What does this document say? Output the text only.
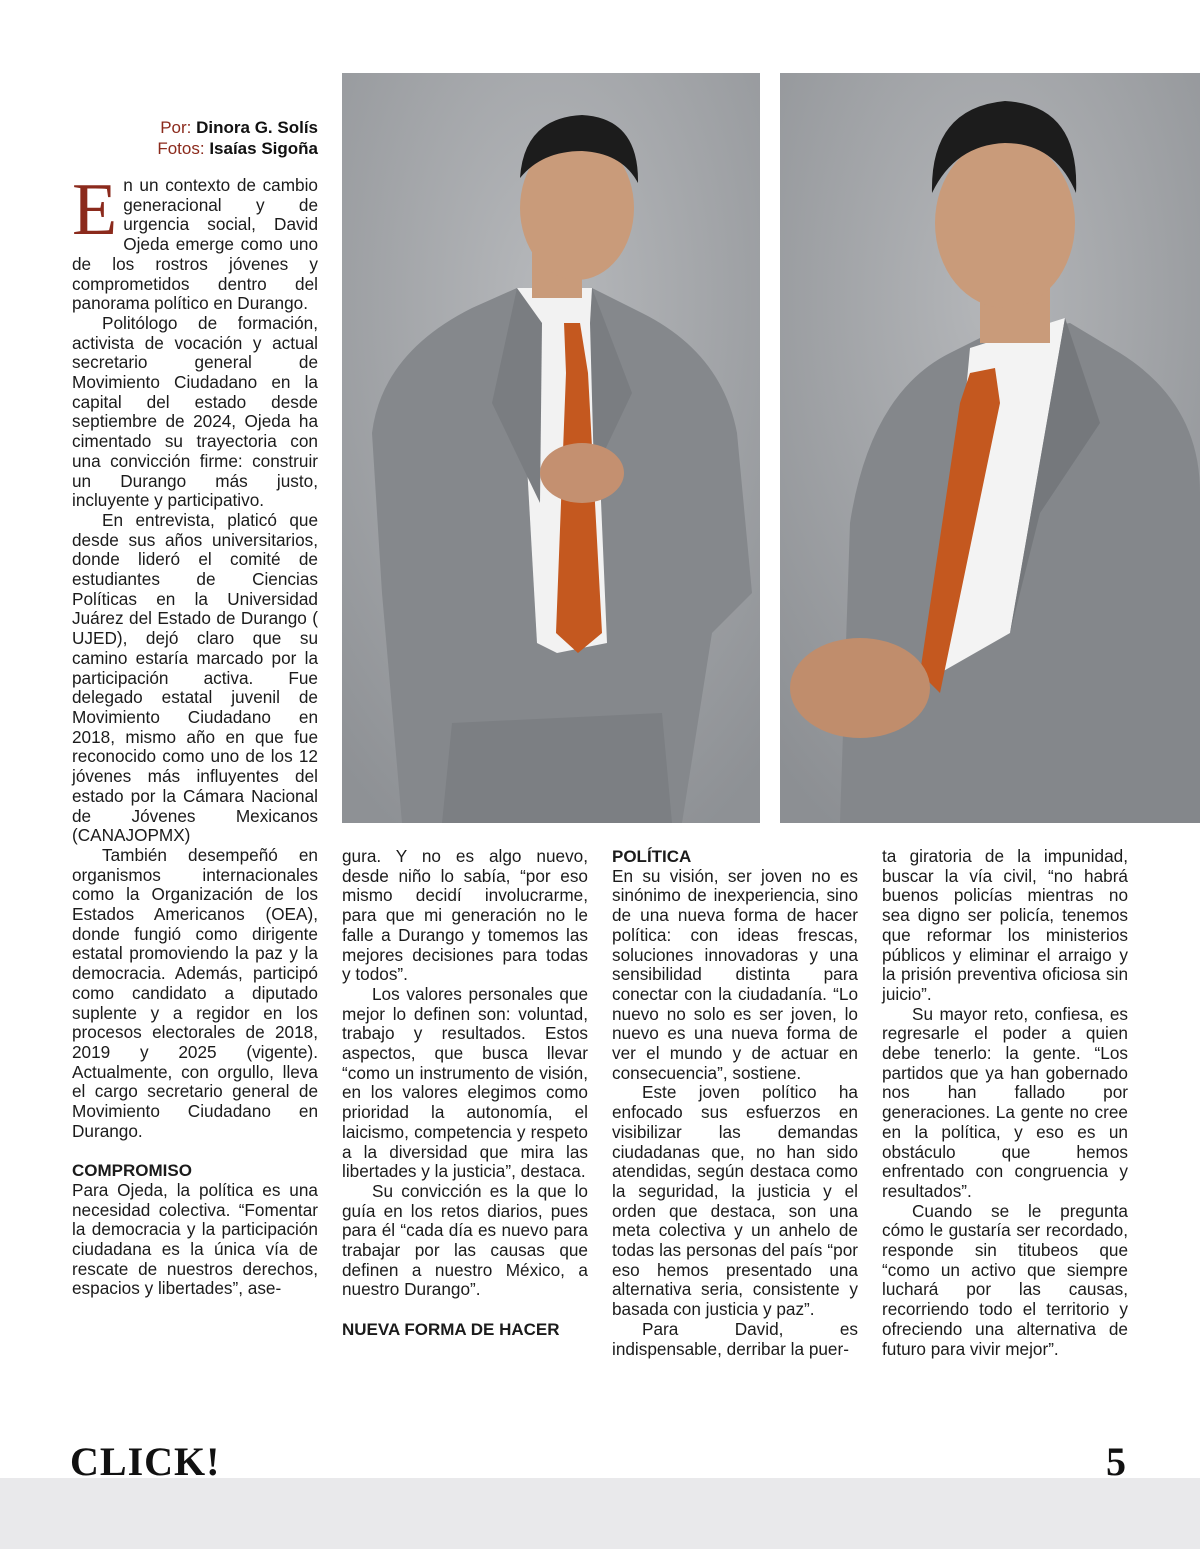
Por: Dinora G. Solís
Fotos: Isaías Sigoña

En un contexto de cambio generacional y de urgencia social, David Ojeda emerge como uno de los rostros jóvenes y comprometidos dentro del panorama político en Durango.

Politólogo de formación, activista de vocación y actual secretario general de Movimiento Ciudadano en la capital del estado desde septiembre de 2024, Ojeda ha cimentado su trayectoria con una convicción firme: construir un Durango más justo, incluyente y participativo.

En entrevista, platicó que desde sus años universitarios, donde lideró el comité de estudiantes de Ciencias Políticas en la Universidad Juárez del Estado de Durango ( UJED), dejó claro que su camino estaría marcado por la participación activa. Fue delegado estatal juvenil de Movimiento Ciudadano en 2018, mismo año en que fue reconocido como uno de los 12 jóvenes más influyentes del estado por la Cámara Nacional de Jóvenes Mexicanos (CANAJOPMX)

También desempeñó en organismos internacionales como la Organización de los Estados Americanos (OEA), donde fungió como dirigente estatal promoviendo la paz y la democracia. Además, participó como candidato a diputado suplente y a regidor en los procesos electorales de 2018, 2019 y 2025 (vigente). Actualmente, con orgullo, lleva el cargo secretario general de Movimiento Ciudadano en Durango.

COMPROMISO

Para Ojeda, la política es una necesidad colectiva. “Fomentar la democracia y la participación ciudadana es la única vía de rescate de nuestros derechos, espacios y libertades”, ase-

gura. Y no es algo nuevo, desde niño lo sabía, “por eso mismo decidí involucrarme, para que mi generación no le falle a Durango y tomemos las mejores decisiones para todas y todos”.

Los valores personales que mejor lo definen son: voluntad, trabajo y resultados. Estos aspectos, que busca llevar “como un instrumento de visión, en los valores elegimos como prioridad la autonomía, el laicismo, competencia y respeto a la diversidad que mira las libertades y la justicia”, destaca.

Su convicción es la que lo guía en los retos diarios, pues para él “cada día es nuevo para trabajar por las causas que definen a nuestro México, a nuestro Durango”.

NUEVA FORMA DE HACER
POLÍTICA

En su visión, ser joven no es sinónimo de inexperiencia, sino de una nueva forma de hacer política: con ideas frescas, soluciones innovadoras y una sensibilidad distinta para conectar con la ciudadanía. “Lo nuevo no solo es ser joven, lo nuevo es una nueva forma de ver el mundo y de actuar en consecuencia”, sostiene.

Este joven político ha enfocado sus esfuerzos en visibilizar las demandas ciudadanas que, no han sido atendidas, según destaca como la seguridad, la justicia y el orden que destaca, son una meta colectiva y un anhelo de todas las personas del país “por eso hemos presentado una alternativa seria, consistente y basada con justicia y paz”.

Para David, es indispensable, derribar la puer-

ta giratoria de la impunidad, buscar la vía civil, “no habrá buenos policías mientras no sea digno ser policía, tenemos que reformar los ministerios públicos y eliminar el arraigo y la prisión preventiva oficiosa sin juicio”.

Su mayor reto, confiesa, es regresarle el poder a quien debe tenerlo: la gente. “Los partidos que ya han gobernado nos han fallado por generaciones. La gente no cree en la política, y eso es un obstáculo que hemos enfrentado con congruencia y resultados”.

Cuando se le pregunta cómo le gustaría ser recordado, responde sin titubeos que “como un activo que siempre luchará por las causas, recorriendo todo el territorio y ofreciendo una alternativa de futuro para vivir mejor”.

CLICK!	5
